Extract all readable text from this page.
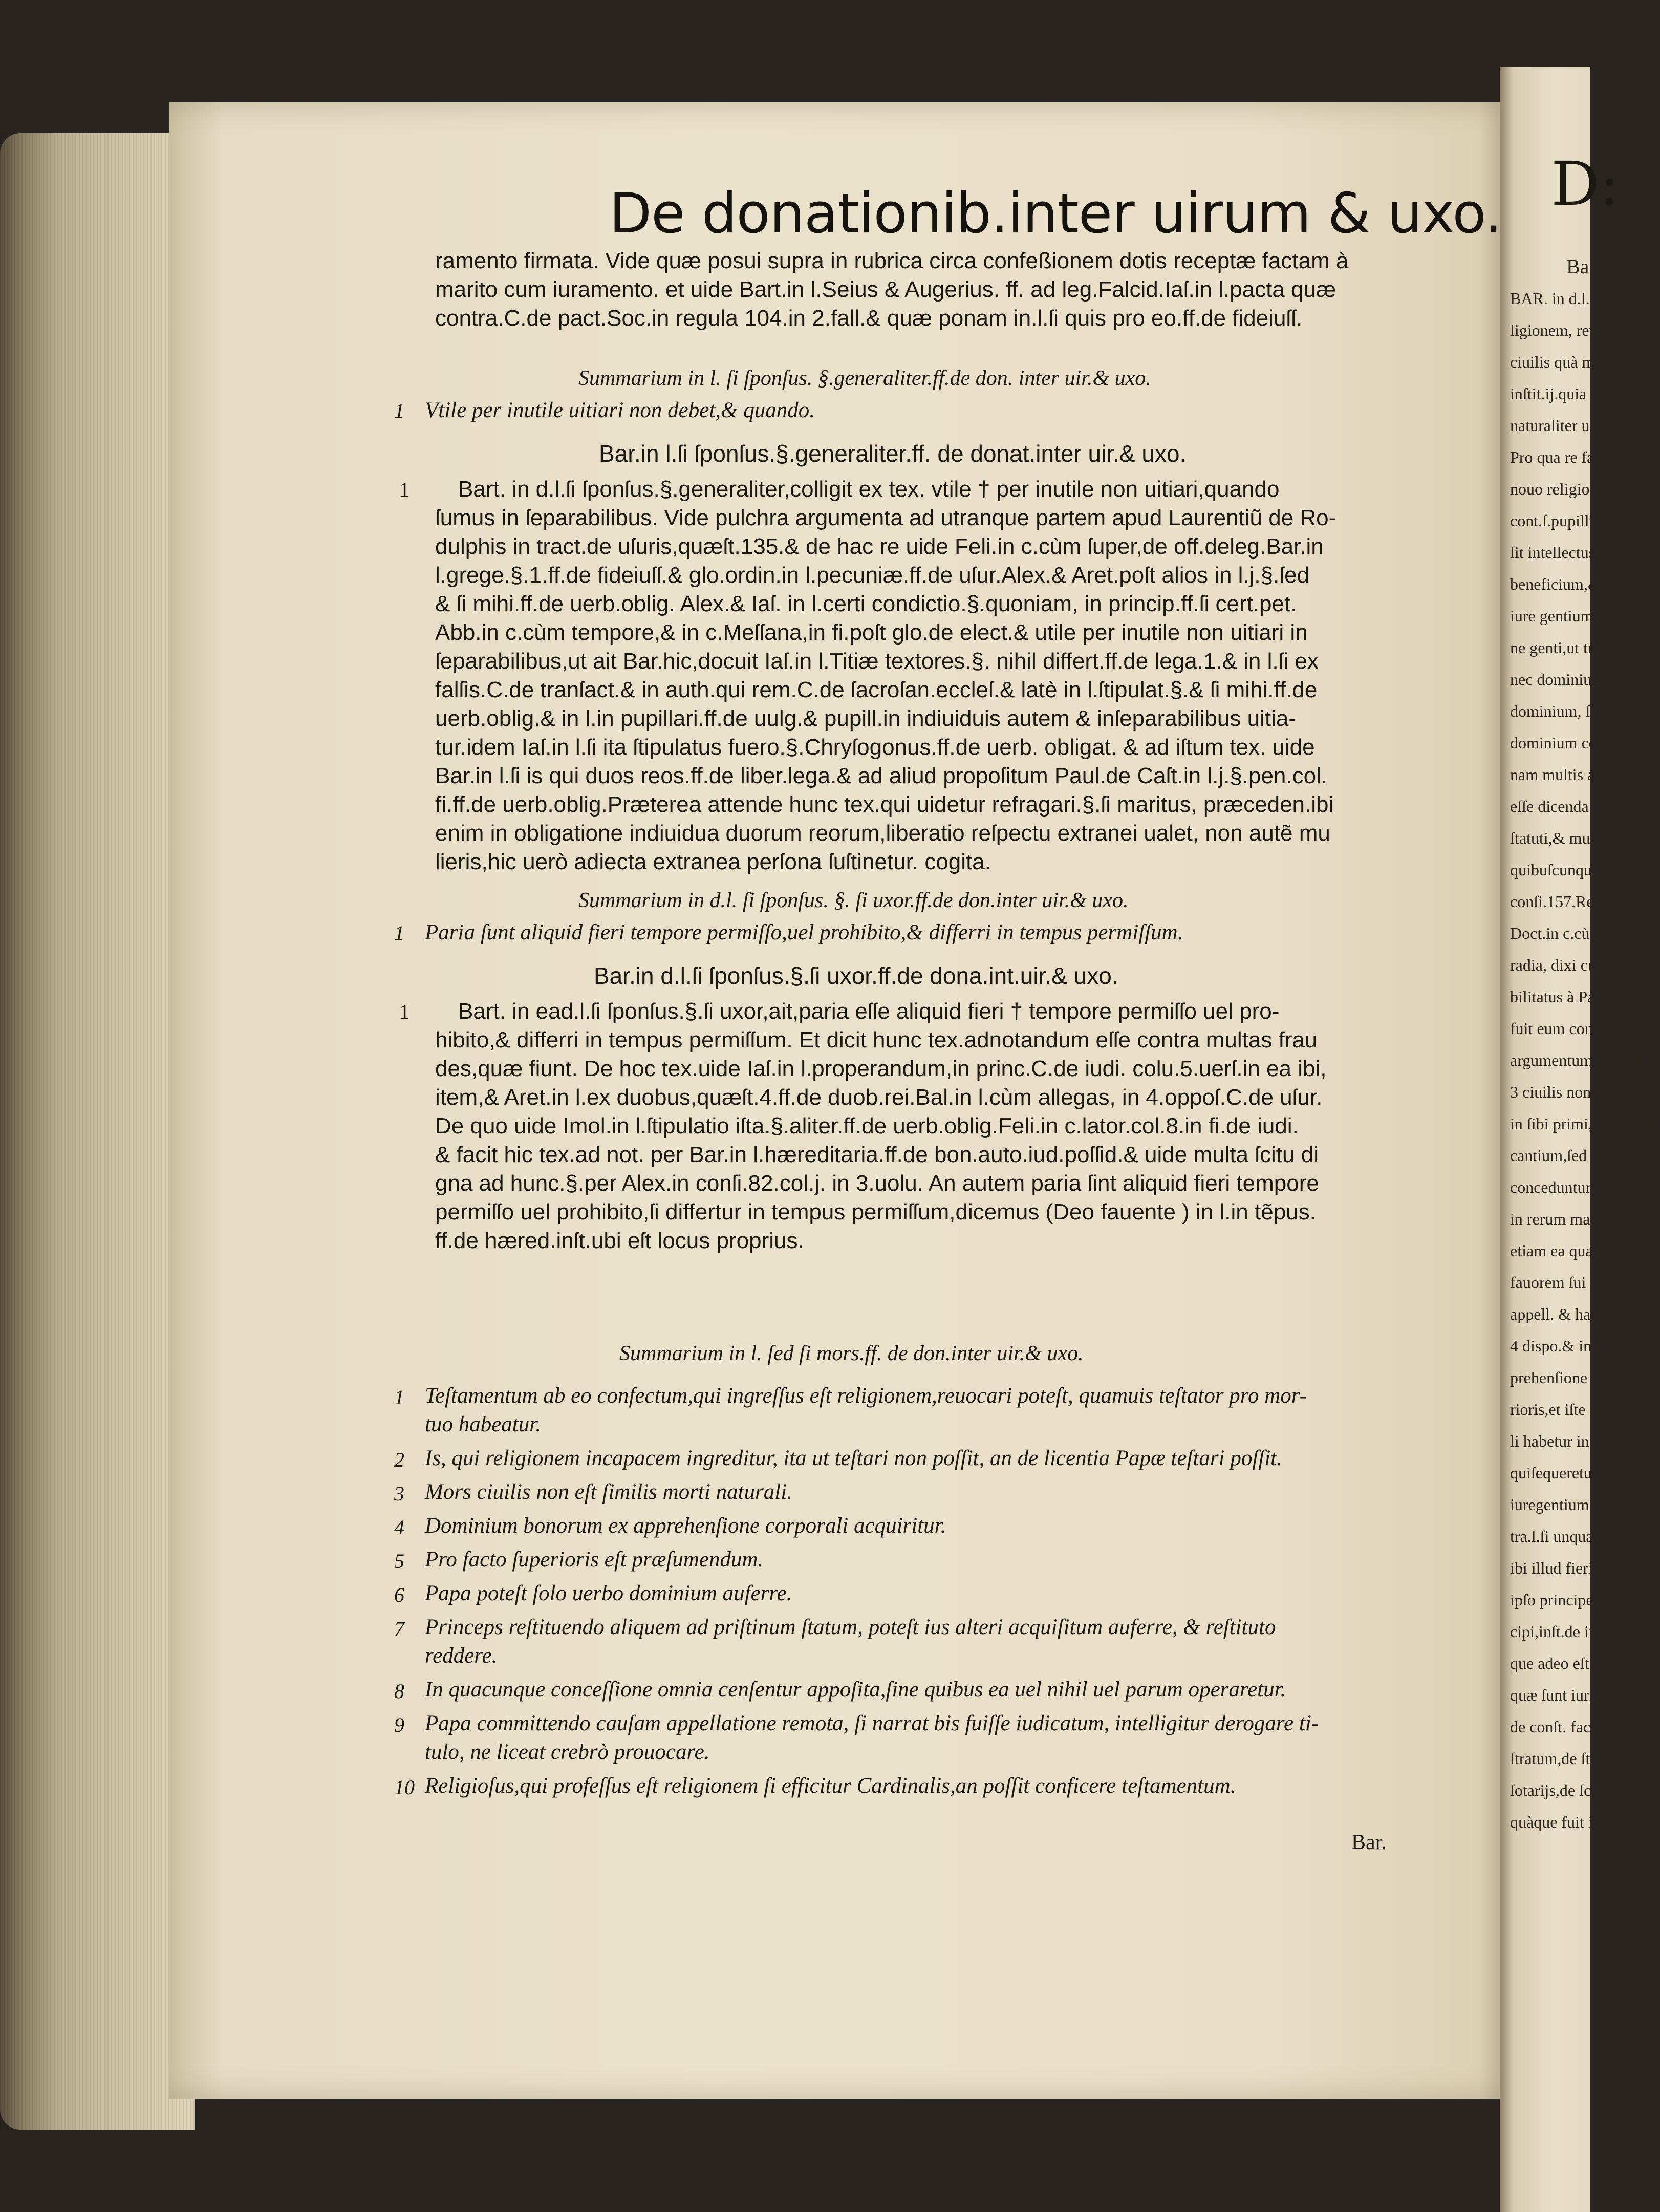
D:
Ba
BAR. in d.l.ſed ſi
ligionem, reuocari po
ciuilis quà mulier.C.
inſtit.ij.quia religioſu
naturaliter uiuit, poſſe
Pro qua re facit,quod
nouo religioſus poſſi
cont.ſ.pupillum pro
ſit intellectus dicen
beneficium,& hæres il
iure gentium, princep
ne genti,ut traduct
nec dominium non
dominium, ſitum non
dominium corporalia
nam multis argumentis
eſſe dicenda ſententia
ſtatuti,& mutandi prin
quibuſcunque,& in q
conſi.157.Reuerend
Doct.in c.cùm ad m
radia, dixi cum facit
bilitatus à Papa,con
fuit eum condidiſſe.
argumentum ſupra a
3 ciuilis non eſt ſimili
in ſibi primi,& ſecundi
cantium,ſed ita mors c
conceduntur; immo n
in rerum magiſtra.c
etiam ea quæ in eius
fauorem ſui poteſtatis,
appell. & habetur in
4 dispo.& in l.cùm p
prehenſione corp
rioris,et iſte eſt
li habetur in l.G
quiſequeretur e
iuregentium.l.
tra.l.ſi unquam.
ibi illud fieri e
ipſo principe tan
cipi,inſt.de iur.
que adeo eſt præ
quæ ſunt iuris gent
de conſt. faciunt tr
ſtratum,de ſtat.mon
ſotarijs,de ſchiſm.
quàque fuit ius alt
De donationib.inter uirum & uxo.
ramento firmata. Vide quæ posui supra in rubrica circa confeßionem dotis receptæ factam à
marito cum iuramento. et uide Bart.in l.Seius & Augerius. ff. ad leg.Falcid.Iaſ.in l.pacta quæ
contra.C.de pact.Soc.in regula 104.in 2.fall.& quæ ponam in.l.ſi quis pro eo.ff.de fideiuſſ.
Summarium in l. ſi ſponſus. §.generaliter.ff.de don. inter uir.& uxo.
1 Vtile per inutile uitiari non debet,& quando.
Bar.in l.ſi ſponſus.§.generaliter.ff. de donat.inter uir.& uxo.
1 Bart. in d.l.ſi ſponſus.§.generaliter,colligit ex tex. vtile † per inutile non uitiari,quando
ſumus in ſeparabilibus. Vide pulchra argumenta ad utranque partem apud Laurentiũ de Ro-
dulphis in tract.de uſuris,quæſt.135.& de hac re uide Feli.in c.cùm ſuper,de off.deleg.Bar.in
l.grege.§.1.ff.de fideiuſſ.& glo.ordin.in l.pecuniæ.ff.de uſur.Alex.& Aret.poſt alios in l.j.§.ſed
& ſi mihi.ff.de uerb.oblig. Alex.& Iaſ. in l.certi condictio.§.quoniam, in princip.ff.ſi cert.pet.
Abb.in c.cùm tempore,& in c.Meſſana,in fi.poſt glo.de elect.& utile per inutile non uitiari in
ſeparabilibus,ut ait Bar.hic,docuit Iaſ.in l.Titiæ textores.§. nihil differt.ff.de lega.1.& in l.ſi ex
falſis.C.de tranſact.& in auth.qui rem.C.de ſacroſan.eccleſ.& latè in l.ſtipulat.§.& ſi mihi.ff.de
uerb.oblig.& in l.in pupillari.ff.de uulg.& pupill.in indiuiduis autem & inſeparabilibus uitia-
tur.idem Iaſ.in l.ſi ita ſtipulatus fuero.§.Chryſogonus.ff.de uerb. obligat. & ad iſtum tex. uide
Bar.in l.ſi is qui duos reos.ff.de liber.lega.& ad aliud propoſitum Paul.de Caſt.in l.j.§.pen.col.
fi.ff.de uerb.oblig.Præterea attende hunc tex.qui uidetur refragari.§.ſi maritus, præceden.ibi
enim in obligatione indiuidua duorum reorum,liberatio reſpectu extranei ualet, non autẽ mu
lieris,hic uerò adiecta extranea perſona ſuſtinetur. cogita.
Summarium in d.l. ſi ſponſus. §. ſi uxor.ff.de don.inter uir.& uxo.
1 Paria ſunt aliquid fieri tempore permiſſo,uel prohibito,& differri in tempus permiſſum.
Bar.in d.l.ſi ſponſus.§.ſi uxor.ff.de dona.int.uir.& uxo.
1 Bart. in ead.l.ſi ſponſus.§.ſi uxor,ait,paria eſſe aliquid fieri † tempore permiſſo uel pro-
hibito,& differri in tempus permiſſum. Et dicit hunc tex.adnotandum eſſe contra multas frau
des,quæ fiunt. De hoc tex.uide Iaſ.in l.properandum,in princ.C.de iudi. colu.5.uerſ.in ea ibi,
item,& Aret.in l.ex duobus,quæſt.4.ff.de duob.rei.Bal.in l.cùm allegas, in 4.oppoſ.C.de uſur.
De quo uide Imol.in l.ſtipulatio iſta.§.aliter.ff.de uerb.oblig.Feli.in c.lator.col.8.in fi.de iudi.
& facit hic tex.ad not. per Bar.in l.hæreditaria.ff.de bon.auto.iud.poſſid.& uide multa ſcitu di
gna ad hunc.§.per Alex.in conſi.82.col.j. in 3.uolu. An autem paria ſint aliquid fieri tempore
permiſſo uel prohibito,ſi differtur in tempus permiſſum,dicemus (Deo fauente ) in l.in tẽpus.
ff.de hæred.inſt.ubi eſt locus proprius.
Summarium in l. ſed ſi mors.ff. de don.inter uir.& uxo.
1 Teſtamentum ab eo confectum,qui ingreſſus eſt religionem,reuocari poteſt, quamuis teſtator pro mor-
tuo habeatur.
2 Is, qui religionem incapacem ingreditur, ita ut teſtari non poſſit, an de licentia Papæ teſtari poſſit.
3 Mors ciuilis non eſt ſimilis morti naturali.
4 Dominium bonorum ex apprehenſione corporali acquiritur.
5 Pro facto ſuperioris eſt præſumendum.
6 Papa poteſt ſolo uerbo dominium auferre.
7 Princeps reſtituendo aliquem ad priſtinum ſtatum, poteſt ius alteri acquiſitum auferre, & reſtituto
reddere.
8 In quacunque conceſſione omnia cenſentur appoſita,ſine quibus ea uel nihil uel parum operaretur.
9 Papa committendo cauſam appellatione remota, ſi narrat bis fuiſſe iudicatum, intelligitur derogare ti-
tulo, ne liceat crebrò prouocare.
10 Religioſus,qui profeſſus eſt religionem ſi efficitur Cardinalis,an poſſit conficere teſtamentum.
Bar.
